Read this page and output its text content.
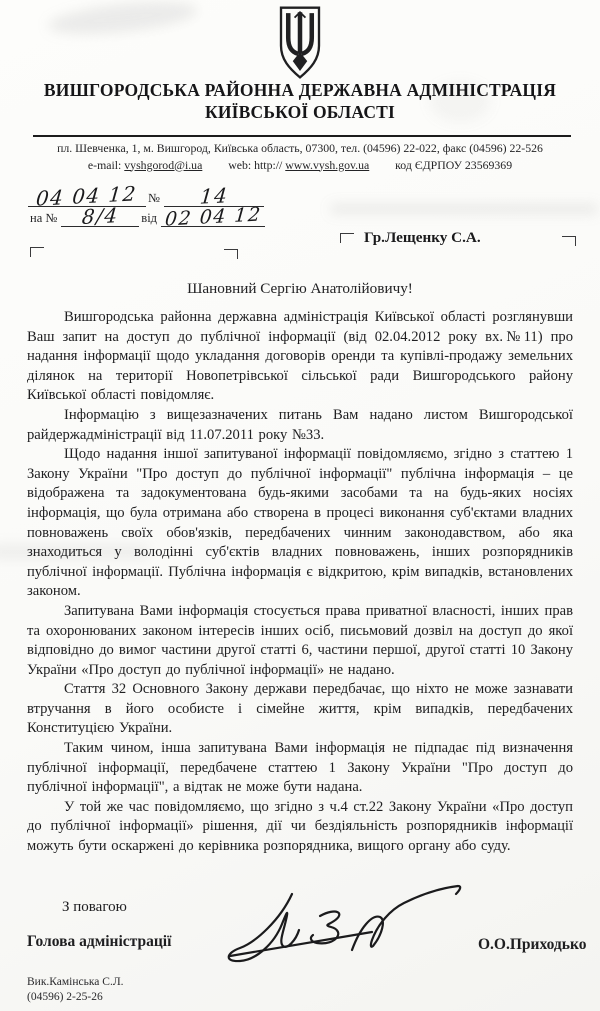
ВИШГОРОДСЬКА РАЙОННА ДЕРЖАВНА АДМІНІСТРАЦІЯ
КИЇВСЬКОЇ ОБЛАСТІ
пл. Шевченка, 1, м. Вишгород, Київська область, 07300, тел. (04596) 22-022, факс (04596) 22-526
e-mail: vyshgorod@i.ua web: http:// www.vysh.gov.ua код ЄДРПОУ 23569369
04 04 12 №	14
на №	8/4	від 02 04 12
Гр.Лещенку С.А.
Шановний Сергію Анатолійовичу!

Вишгородська районна державна адміністрація Київської області розглянувши Ваш запит на доступ до публічної інформації (від 02.04.2012 року вх.№11) про надання інформації щодо укладання договорів оренди та купівлі-продажу земельних ділянок на території Новопетрівської сільської ради Вишгородського району Київської області повідомляє.

Інформацію з вищезазначених питань Вам надано листом Вишгородської райдержадміністрації від 11.07.2011 року №33.

Щодо надання іншої запитуваної інформації повідомляємо, згідно з статтею 1 Закону України "Про доступ до публічної інформації" публічна інформація – це відображена та задокументована будь-якими засобами та на будь-яких носіях інформація, що була отримана або створена в процесі виконання суб'єктами владних повноважень своїх обов'язків, передбачених чинним законодавством, або яка знаходиться у володінні суб'єктів владних повноважень, інших розпорядників публічної інформації. Публічна інформація є відкритою, крім випадків, встановлених законом.

Запитувана Вами інформація стосується права приватної власності, інших прав та охоронюваних законом інтересів інших осіб, письмовий дозвіл на доступ до якої відповідно до вимог частини другої статті 6, частини першої, другої статті 10 Закону України «Про доступ до публічної інформації» не надано.

Стаття 32 Основного Закону держави передбачає, що ніхто не може зазнавати втручання в його особисте і сімейне життя, крім випадків, передбачених Конституцією України.

Таким чином, інша запитувана Вами інформація не підпадає під визначення публічної інформації, передбачене статтею 1 Закону України "Про доступ до публічної інформації", а відтак не може бути надана.

У той же час повідомляємо, що згідно з ч.4 ст.22 Закону України «Про доступ до публічної інформації» рішення, дії чи бездіяльність розпорядників інформації можуть бути оскаржені до керівника розпорядника, вищого органу або суду.

З повагою
Голова адміністрації	О.О.Приходько
Вик.Камінська С.Л.
(04596) 2-25-26
